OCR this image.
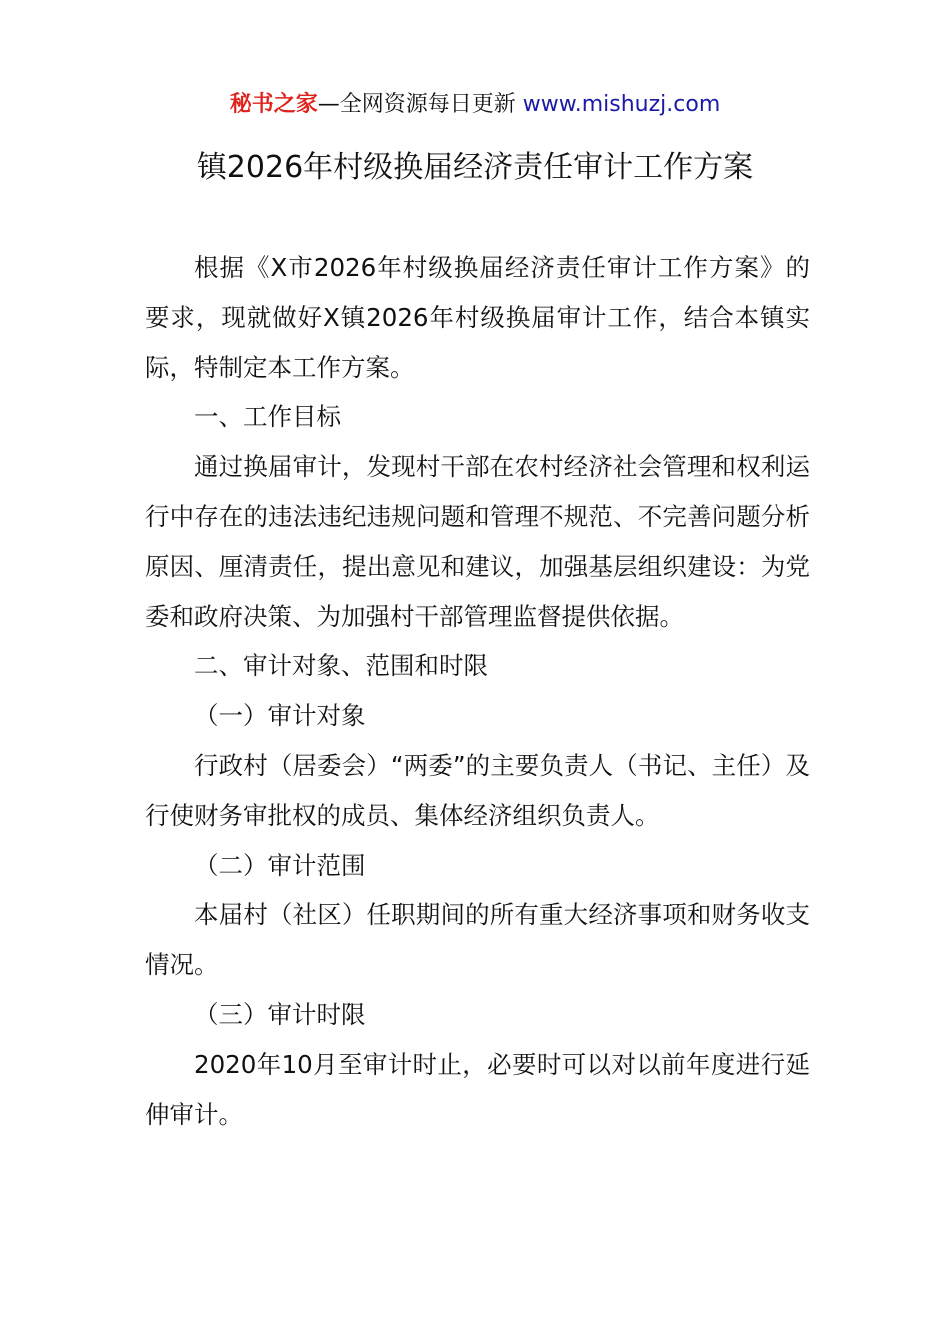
秘书之家—全网资源每日更新 www.mishuzj.com
镇2026年村级换届经济责任审计工作方案

根据《X市2026年村级换届经济责任审计工作方案》的要求，现就做好X镇2026年村级换届审计工作，结合本镇实际，特制定本工作方案。

一、工作目标

通过换届审计，发现村干部在农村经济社会管理和权利运行中存在的违法违纪违规问题和管理不规范、不完善问题分析原因、厘清责任，提出意见和建议，加强基层组织建设：为党委和政府决策、为加强村干部管理监督提供依据。

二、审计对象、范围和时限

（一）审计对象

行政村（居委会）“两委”的主要负责人（书记、主任）及行使财务审批权的成员、集体经济组织负责人。

（二）审计范围

本届村（社区）任职期间的所有重大经济事项和财务收支情况。

（三）审计时限

2020年10月至审计时止，必要时可以对以前年度进行延伸审计。
